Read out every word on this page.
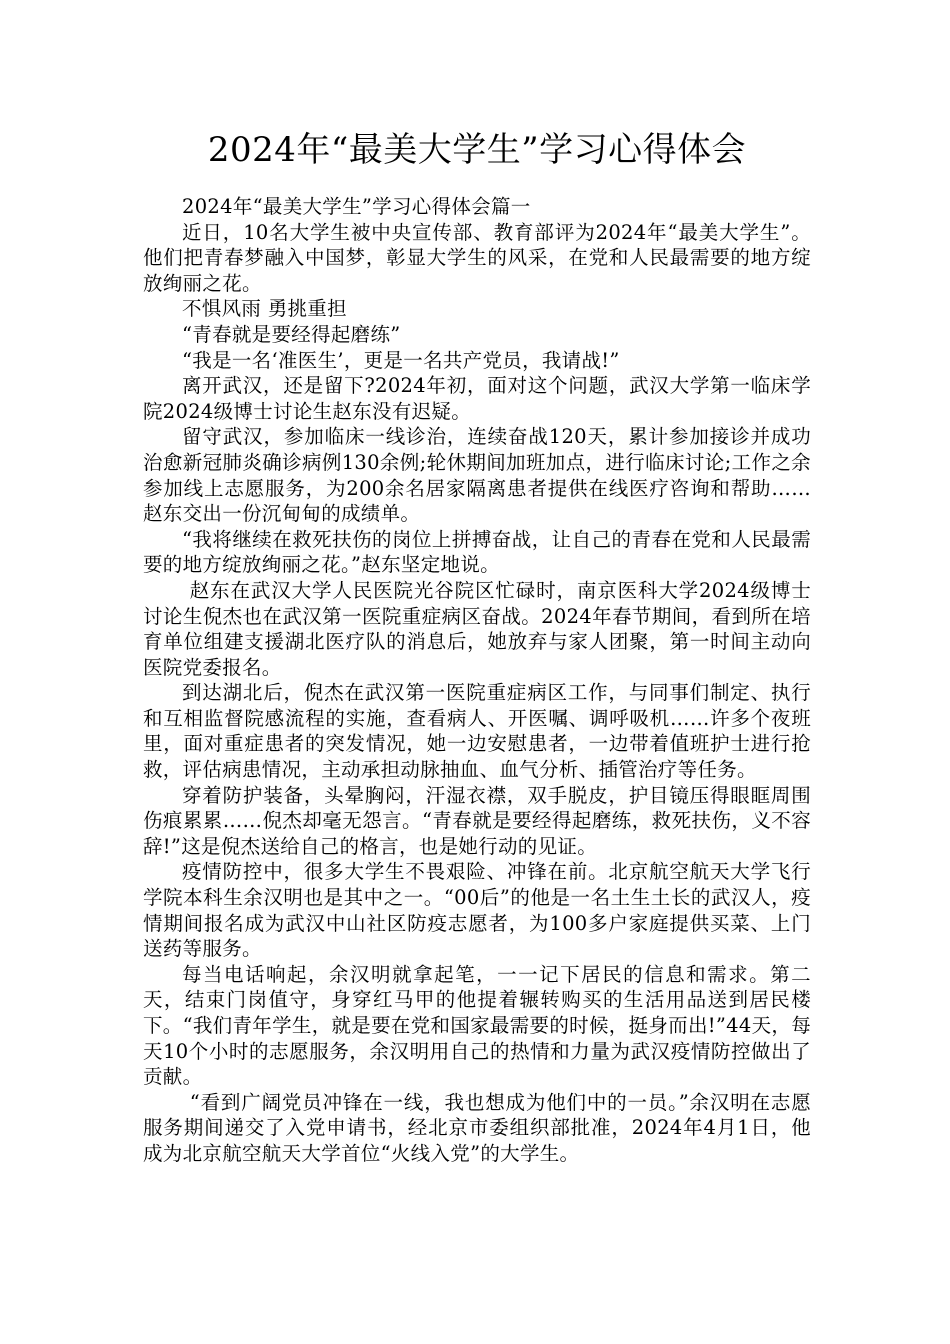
2024年“最美大学生”学习心得体会

2024年“最美大学生”学习心得体会篇一

近日，10名大学生被中央宣传部、教育部评为2024年“最美大学生”。他们把青春梦融入中国梦，彰显大学生的风采，在党和人民最需要的地方绽放绚丽之花。

不惧风雨 勇挑重担

“青春就是要经得起磨练”

“我是一名‘准医生’，更是一名共产党员，我请战!”

离开武汉，还是留下?2024年初，面对这个问题，武汉大学第一临床学院2024级博士讨论生赵东没有迟疑。

留守武汉，参加临床一线诊治，连续奋战120天，累计参加接诊并成功治愈新冠肺炎确诊病例130余例;轮休期间加班加点，进行临床讨论;工作之余参加线上志愿服务，为200余名居家隔离患者提供在线医疗咨询和帮助……赵东交出一份沉甸甸的成绩单。

“我将继续在救死扶伤的岗位上拼搏奋战，让自己的青春在党和人民最需要的地方绽放绚丽之花。”赵东坚定地说。

赵东在武汉大学人民医院光谷院区忙碌时，南京医科大学2024级博士讨论生倪杰也在武汉第一医院重症病区奋战。2024年春节期间，看到所在培育单位组建支援湖北医疗队的消息后，她放弃与家人团聚，第一时间主动向医院党委报名。

到达湖北后，倪杰在武汉第一医院重症病区工作，与同事们制定、执行和互相监督院感流程的实施，查看病人、开医嘱、调呼吸机……许多个夜班里，面对重症患者的突发情况，她一边安慰患者，一边带着值班护士进行抢救，评估病患情况，主动承担动脉抽血、血气分析、插管治疗等任务。

穿着防护装备，头晕胸闷，汗湿衣襟，双手脱皮，护目镜压得眼眶周围伤痕累累……倪杰却毫无怨言。“青春就是要经得起磨练，救死扶伤，义不容辞!”这是倪杰送给自己的格言，也是她行动的见证。

疫情防控中，很多大学生不畏艰险、冲锋在前。北京航空航天大学飞行学院本科生余汉明也是其中之一。“00后”的他是一名土生土长的武汉人，疫情期间报名成为武汉中山社区防疫志愿者，为100多户家庭提供买菜、上门送药等服务。

每当电话响起，余汉明就拿起笔，一一记下居民的信息和需求。第二天，结束门岗值守，身穿红马甲的他提着辗转购买的生活用品送到居民楼下。“我们青年学生，就是要在党和国家最需要的时候，挺身而出!”44天，每天10个小时的志愿服务，余汉明用自己的热情和力量为武汉疫情防控做出了贡献。

“看到广阔党员冲锋在一线，我也想成为他们中的一员。”余汉明在志愿服务期间递交了入党申请书，经北京市委组织部批准，2024年4月1日，他成为北京航空航天大学首位“火线入党”的大学生。
